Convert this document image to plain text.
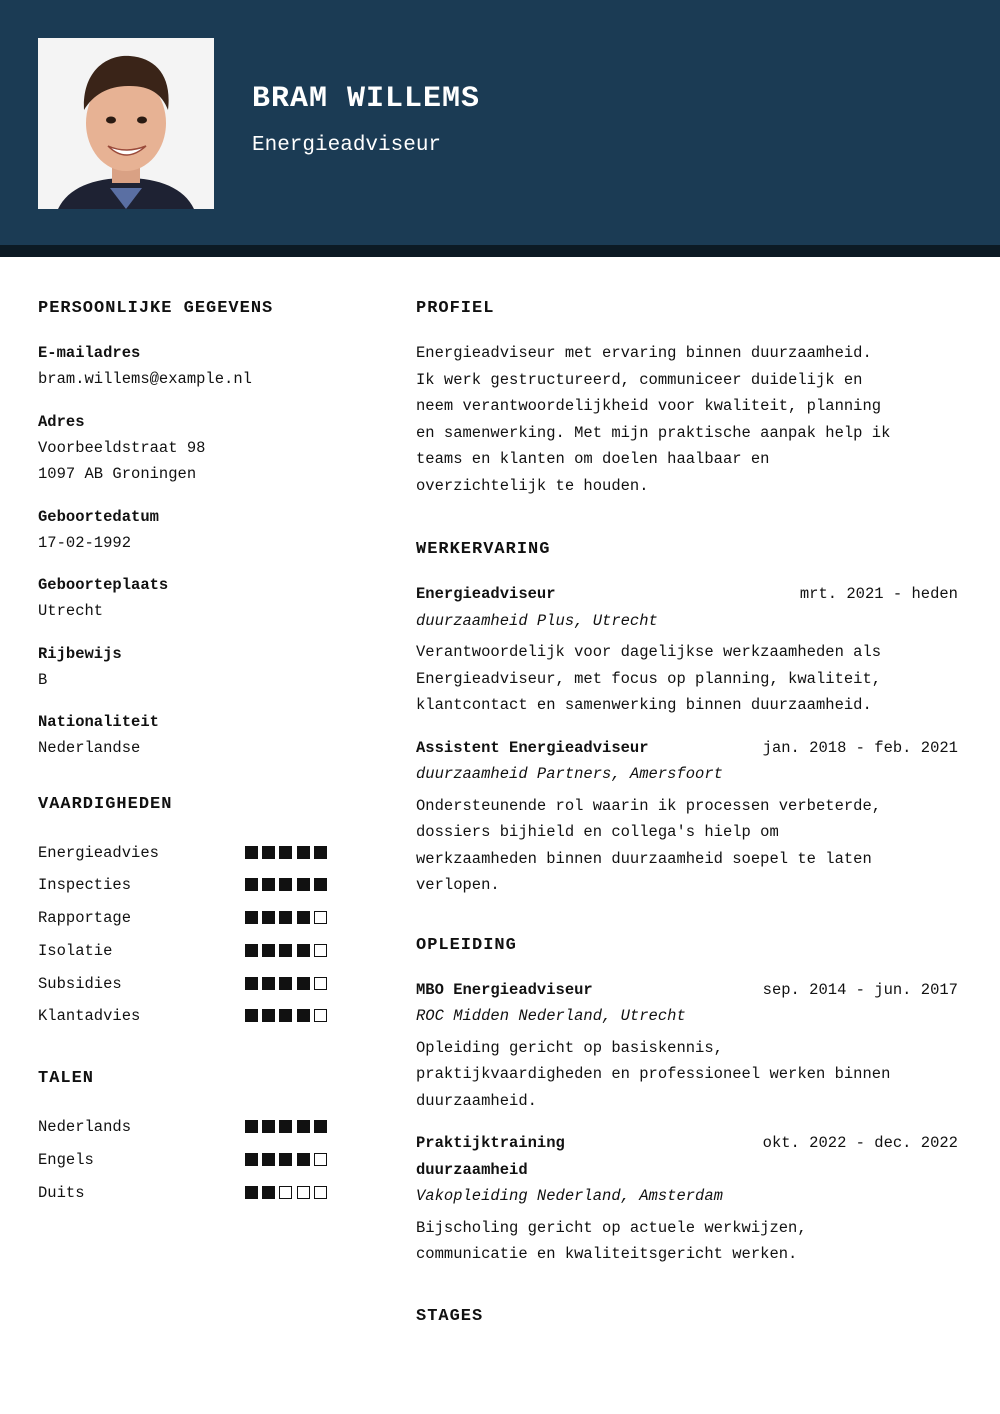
BRAM WILLEMS
Energieadviseur
PERSOONLIJKE GEGEVENS
E-mailadres
bram.willems@example.nl
Adres
Voorbeeldstraat 98
1097 AB Groningen
Geboortedatum
17-02-1992
Geboorteplaats
Utrecht
Rijbewijs
B
Nationaliteit
Nederlandse
VAARDIGHEDEN
Energieadvies
Inspecties
Rapportage
Isolatie
Subsidies
Klantadvies
TALEN
Nederlands
Engels
Duits
PROFIEL
Energieadviseur met ervaring binnen duurzaamheid.
Ik werk gestructureerd, communiceer duidelijk en
neem verantwoordelijkheid voor kwaliteit, planning
en samenwerking. Met mijn praktische aanpak help ik
teams en klanten om doelen haalbaar en
overzichtelijk te houden.
WERKERVARING
Energieadviseur	mrt. 2021 - heden
duurzaamheid Plus, Utrecht
Verantwoordelijk voor dagelijkse werkzaamheden als
Energieadviseur, met focus op planning, kwaliteit,
klantcontact en samenwerking binnen duurzaamheid.
Assistent Energieadviseur	jan. 2018 - feb. 2021
duurzaamheid Partners, Amersfoort
Ondersteunende rol waarin ik processen verbeterde,
dossiers bijhield en collega's hielp om
werkzaamheden binnen duurzaamheid soepel te laten
verlopen.
OPLEIDING
MBO Energieadviseur	sep. 2014 - jun. 2017
ROC Midden Nederland, Utrecht
Opleiding gericht op basiskennis,
praktijkvaardigheden en professioneel werken binnen
duurzaamheid.
Praktijktraining duurzaamheid
okt. 2022 - dec. 2022
Vakopleiding Nederland, Amsterdam
Bijscholing gericht op actuele werkwijzen,
communicatie en kwaliteitsgericht werken.
STAGES
